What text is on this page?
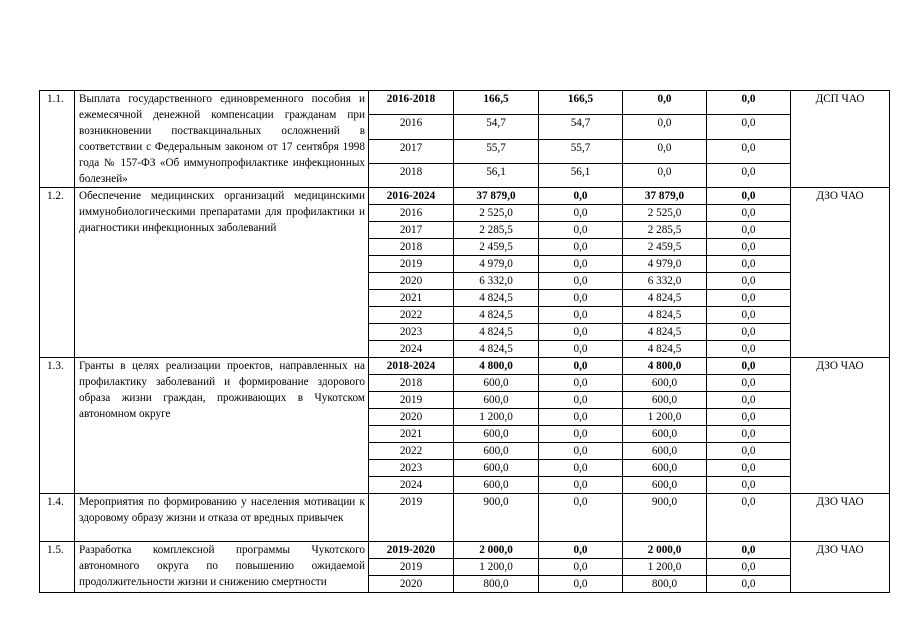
1.1.	Выплата государственного единовременного пособия и ежемесячной денежной компенсации гражданам при возникновении поствакцинальных осложнений в соответствии с Федеральным законом от 17 сентября 1998 года № 157-ФЗ «Об иммунопрофилактике инфекционных болезней»	2016-2018	166,5	166,5	0,0	0,0	ДСП ЧАО
		2016	54,7	54,7	0,0	0,0	
		2017	55,7	55,7	0,0	0,0	
		2018	56,1	56,1	0,0	0,0	
1.2.	Обеспечение медицинских организаций медицинскими иммунобиологическими препаратами для профилактики и диагностики инфекционных заболеваний	2016-2024	37 879,0	0,0	37 879,0	0,0	ДЗО ЧАО
		2016	2 525,0	0,0	2 525,0	0,0	
		2017	2 285,5	0,0	2 285,5	0,0	
		2018	2 459,5	0,0	2 459,5	0,0	
		2019	4 979,0	0,0	4 979,0	0,0	
		2020	6 332,0	0,0	6 332,0	0,0	
		2021	4 824,5	0,0	4 824,5	0,0	
		2022	4 824,5	0,0	4 824,5	0,0	
		2023	4 824,5	0,0	4 824,5	0,0	
		2024	4 824,5	0,0	4 824,5	0,0	
1.3.	Гранты в целях реализации проектов, направленных на профилактику заболеваний и формирование здорового образа жизни граждан, проживающих в Чукотском автономном округе	2018-2024	4 800,0	0,0	4 800,0	0,0	ДЗО ЧАО
		2018	600,0	0,0	600,0	0,0	
		2019	600,0	0,0	600,0	0,0	
		2020	1 200,0	0,0	1 200,0	0,0	
		2021	600,0	0,0	600,0	0,0	
		2022	600,0	0,0	600,0	0,0	
		2023	600,0	0,0	600,0	0,0	
		2024	600,0	0,0	600,0	0,0	
1.4.	Мероприятия по формированию у населения мотивации к здоровому образу жизни и отказа от вредных привычек	2019	900,0	0,0	900,0	0,0	ДЗО ЧАО
1.5.	Разработка комплексной программы Чукотского автономного округа по повышению ожидаемой продолжительности жизни и снижению смертности	2019-2020	2 000,0	0,0	2 000,0	0,0	ДЗО ЧАО
		2019	1 200,0	0,0	1 200,0	0,0	
		2020	800,0	0,0	800,0	0,0	
